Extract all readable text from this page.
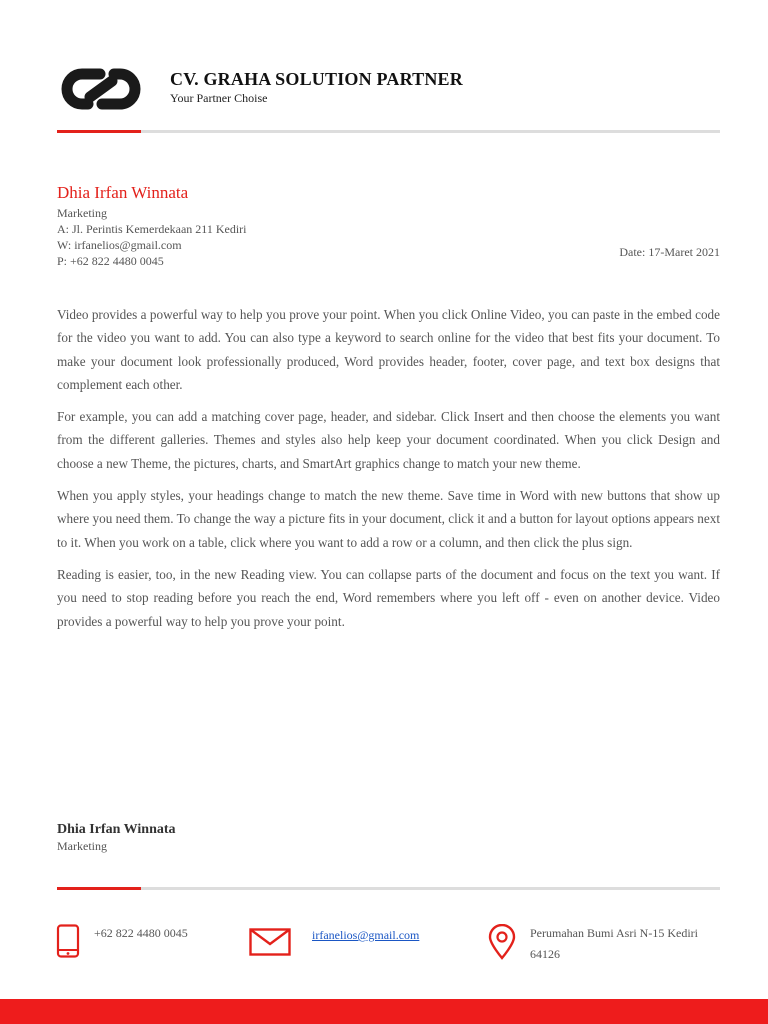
CV. GRAHA SOLUTION PARTNER
Your Partner Choise
Dhia Irfan Winnata
Marketing
A: Jl. Perintis Kemerdekaan 211 Kediri
W: irfanelios@gmail.com
P: +62 822 4480 0045
Date: 17-Maret 2021

Video provides a powerful way to help you prove your point. When you click Online Video, you can paste in the embed code for the video you want to add. You can also type a keyword to search online for the video that best fits your document. To make your document look professionally produced, Word provides header, footer, cover page, and text box designs that complement each other.

For example, you can add a matching cover page, header, and sidebar. Click Insert and then choose the elements you want from the different galleries. Themes and styles also help keep your document coordinated. When you click Design and choose a new Theme, the pictures, charts, and SmartArt graphics change to match your new theme.

When you apply styles, your headings change to match the new theme. Save time in Word with new buttons that show up where you need them. To change the way a picture fits in your document, click it and a button for layout options appears next to it. When you work on a table, click where you want to add a row or a column, and then click the plus sign.

Reading is easier, too, in the new Reading view. You can collapse parts of the document and focus on the text you want. If you need to stop reading before you reach the end, Word remembers where you left off - even on another device. Video provides a powerful way to help you prove your point.

Dhia Irfan Winnata
Marketing
+62 822 4480 0045	irfanelios@gmail.com	Perumahan Bumi Asri N-15 Kediri 64126
